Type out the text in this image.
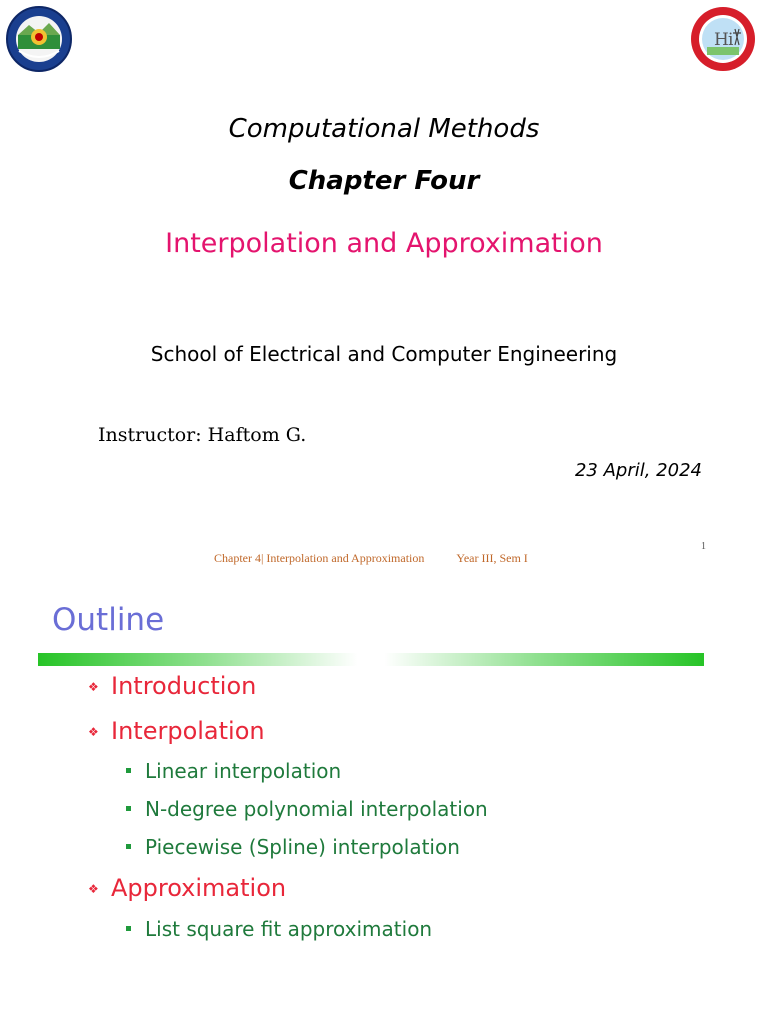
H i
Computational Methods
Chapter Four
Interpolation and Approximation
School of Electrical and Computer Engineering
Instructor: Haftom G.
23 April, 2024
Chapter 4| Interpolation and Approximation	Year III, Sem I
1
Outline
❖ Introduction
❖ Interpolation
Linear interpolation
N-degree polynomial interpolation
Piecewise (Spline) interpolation
❖ Approximation
List square fit approximation
